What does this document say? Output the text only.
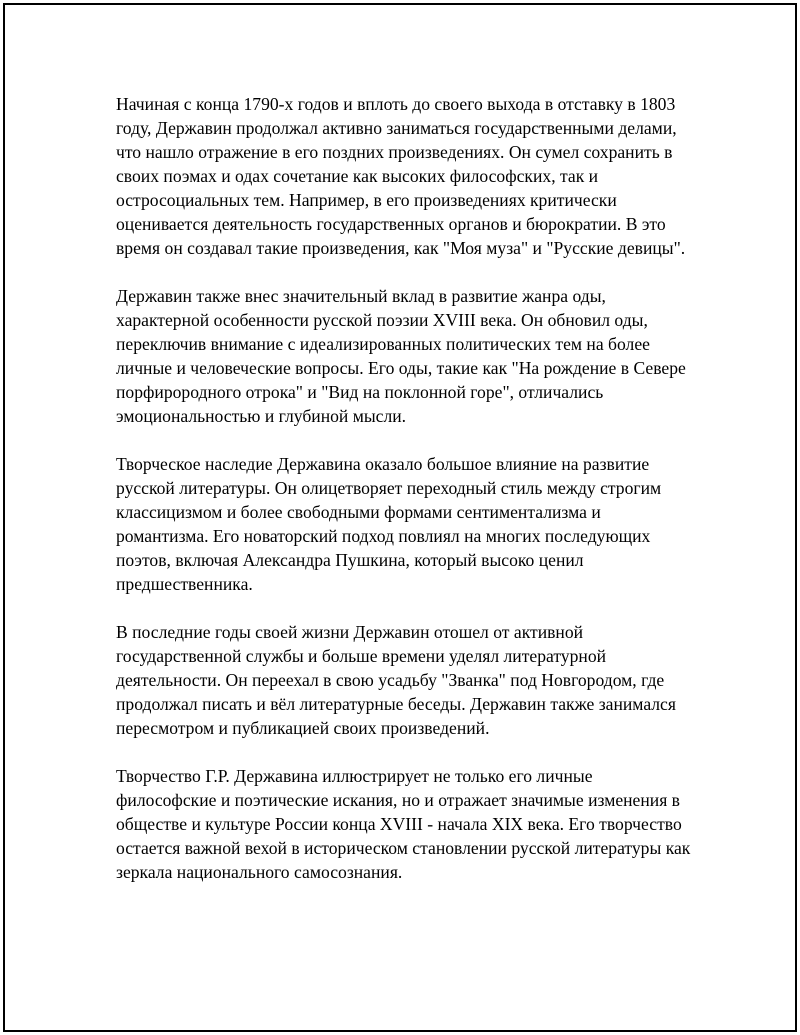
Начиная с конца 1790-х годов и вплоть до своего выхода в отставку в 1803 году, Державин продолжал активно заниматься государственными делами, что нашло отражение в его поздних произведениях. Он сумел сохранить в своих поэмах и одах сочетание как высоких философских, так и остросоциальных тем. Например, в его произведениях критически оценивается деятельность государственных органов и бюрократии. В это время он создавал такие произведения, как "Моя муза" и "Русские девицы".

Державин также внес значительный вклад в развитие жанра оды, характерной особенности русской поэзии XVIII века. Он обновил оды, переключив внимание с идеализированных политических тем на более личные и человеческие вопросы. Его оды, такие как "На рождение в Севере порфирородного отрока" и "Вид на поклонной горе", отличались эмоциональностью и глубиной мысли.

Творческое наследие Державина оказало большое влияние на развитие русской литературы. Он олицетворяет переходный стиль между строгим классицизмом и более свободными формами сентиментализма и романтизма. Его новаторский подход повлиял на многих последующих поэтов, включая Александра Пушкина, который высоко ценил предшественника.

В последние годы своей жизни Державин отошел от активной государственной службы и больше времени уделял литературной деятельности. Он переехал в свою усадьбу "Званка" под Новгородом, где продолжал писать и вёл литературные беседы. Державин также занимался пересмотром и публикацией своих произведений.

Творчество Г.Р. Державина иллюстрирует не только его личные философские и поэтические искания, но и отражает значимые изменения в обществе и культуре России конца XVIII - начала XIX века. Его творчество остается важной вехой в историческом становлении русской литературы как зеркала национального самосознания.
